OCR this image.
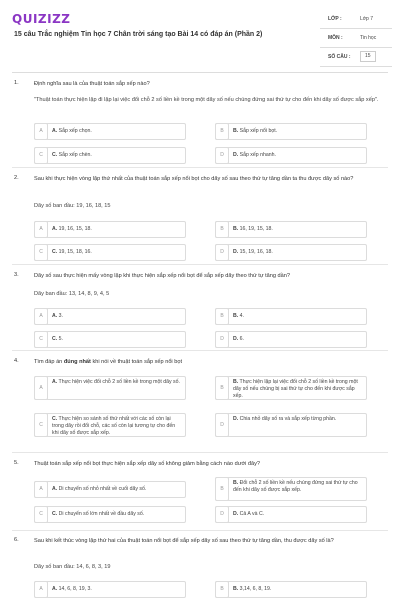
QUIZIZZ
15 câu Trắc nghiệm Tin học 7 Chân trời sáng tạo Bài 14 có đáp án (Phần 2)
LỚP :	Lớp 7
MÔN :	Tin học
SỐ CÂU :	15
1.	Định nghĩa sau là của thuật toán sắp xếp nào?
"Thuật toán thực hiện lặp đi lặp lại việc đổi chỗ 2 số liền kề trong một dãy số nếu chúng đứng sai thứ tự cho đến khi dãy số được sắp xếp".
A	A. Sắp xếp chọn.	B	B. Sắp xếp nổi bọt.
C	C. Sắp xếp chèn.	D	D. Sắp xếp nhanh.
2.	Sau khi thực hiện vòng lặp thứ nhất của thuật toán sắp xếp nổi bọt cho dãy số sau theo thứ tự tăng dần ta thu được dãy số nào?
Dãy số ban đầu: 19, 16, 18, 15
A	A. 19, 16, 15, 18.	B	B. 16, 19, 15, 18.
C	C. 19, 15, 18, 16.	D	D. 15, 19, 16, 18.
3.	Dãy số sau thực hiện mấy vòng lặp khi thực hiện sắp xếp nổi bọt để sắp xếp dãy theo thứ tự tăng dần?
Dãy ban đầu: 13, 14, 8, 9, 4, 5
A	A. 3.	B	B. 4.
C	C. 5.	D	D. 6.
4.	Tìm đáp án đúng nhất khi nói về thuật toán sắp xếp nổi bọt
A
A. Thực hiện việc đổi chỗ 2 số liền kề trong một dãy số.
B
B. Thực hiện lặp lại việc đổi chỗ 2 số liền kề trong một dãy số nếu chúng bị sai thứ tự cho đến khi được sắp xếp.
C
C. Thực hiện so sánh số thứ nhất với các số còn lại trong dãy rồi đổi chỗ, các số còn lại tương tự cho đến khi dãy số được sắp xếp.
D
D. Chia nhỏ dãy số ra và sắp xếp từng phần.
5.	Thuật toán sắp xếp nổi bọt thực hiện sắp xếp dãy số không giảm bằng cách nào dưới đây?
A	A. Di chuyển số nhỏ nhất về cuối dãy số.	B
B. Đổi chỗ 2 số liền kề nếu chúng đứng sai thứ tự cho đến khi dãy số được sắp xếp.
C	C. Di chuyển số lớn nhất về đầu dãy số.	D	D. Cả A và C.
6.	Sau khi kết thúc vòng lặp thứ hai của thuật toán nổi bọt để sắp xếp dãy số sau theo thứ tự tăng dần, thu được dãy số là?
Dãy số ban đầu: 14, 6, 8, 3, 19
A	A. 14, 6, 8, 19, 3.	B	B. 3,14, 6, 8, 19.
